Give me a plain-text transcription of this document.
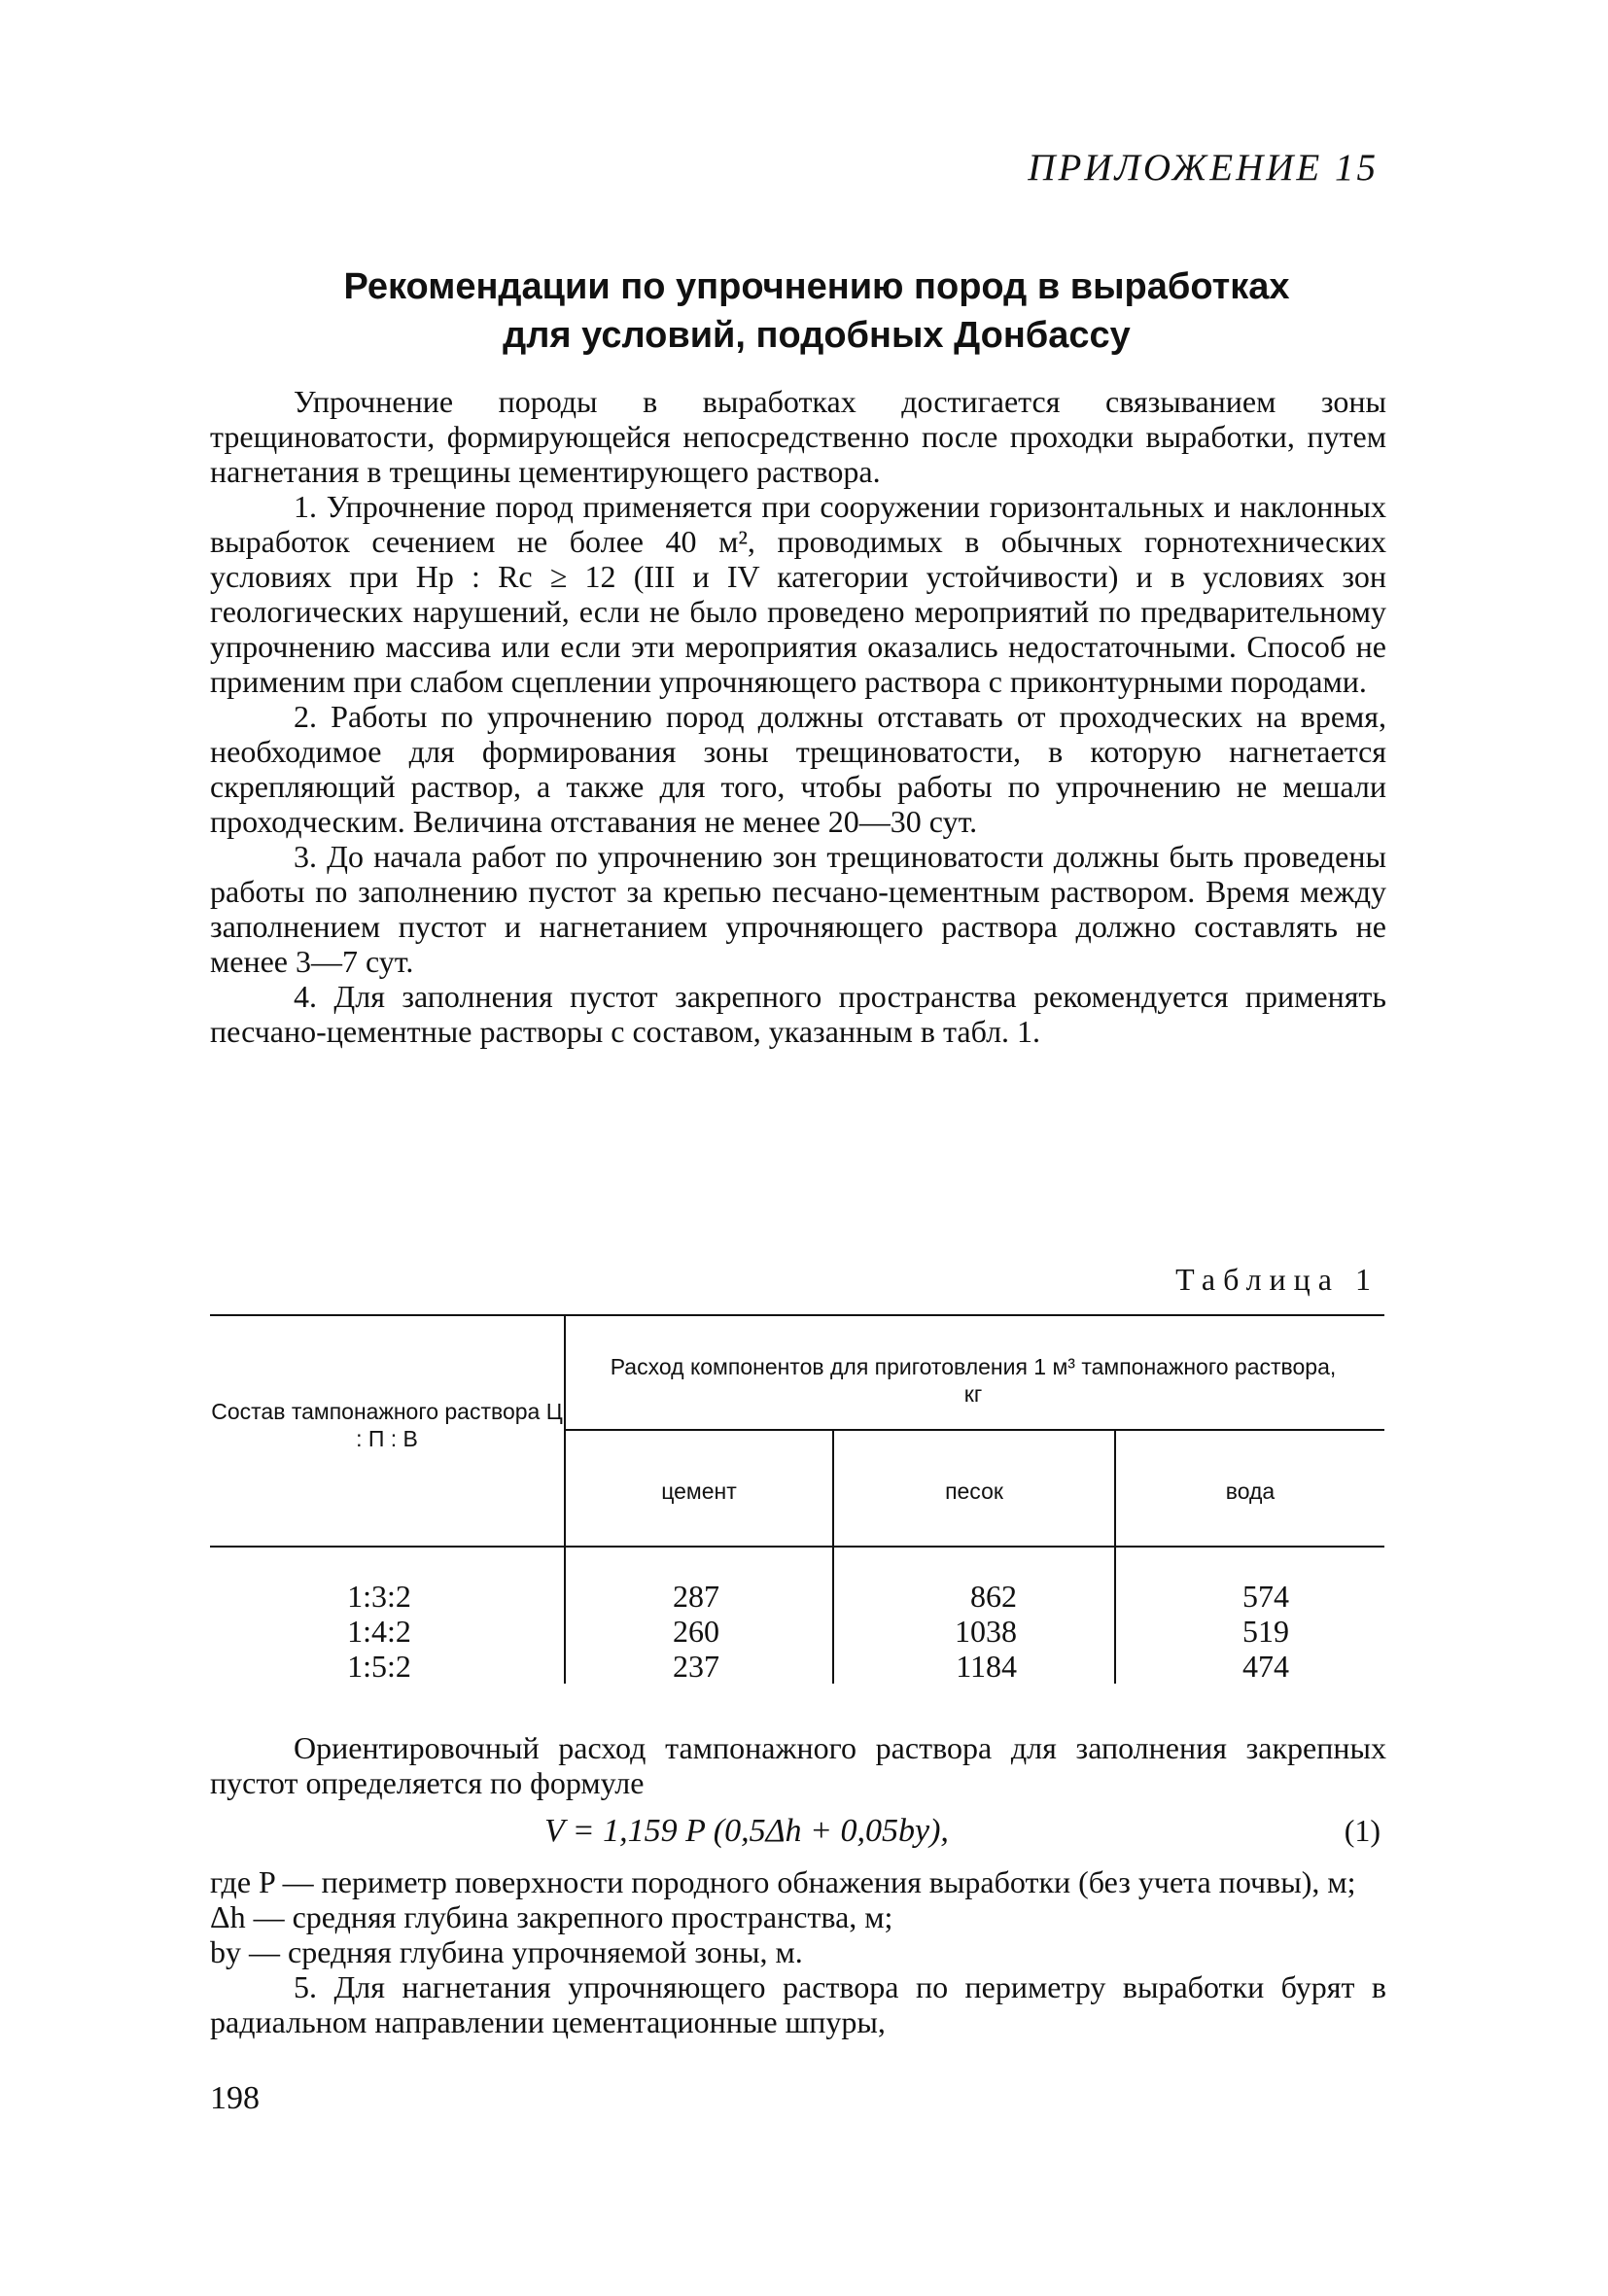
ПРИЛОЖЕНИЕ 15
Рекомендации по упрочнению пород в выработках
для условий, подобных Донбассу

Упрочнение породы в выработках достигается связыванием зоны трещиноватости, формирующейся непосредственно после проходки выработки, путем нагнетания в трещины цементирующего раствора.

1. Упрочнение пород применяется при сооружении горизонтальных и наклонных выработок сечением не более 40 м², проводимых в обычных горнотехнических условиях при Hр : Rс ≥ 12 (III и IV категории устойчивости) и в условиях зон геологических нарушений, если не было проведено мероприятий по предварительному упрочнению массива или если эти мероприятия оказались недостаточными. Способ не применим при слабом сцеплении упрочняющего раствора с приконтурными породами.

2. Работы по упрочнению пород должны отставать от проходческих на время, необходимое для формирования зоны трещиноватости, в которую нагнетается скрепляющий раствор, а также для того, чтобы работы по упрочнению не мешали проходческим. Величина отставания не менее 20—30 сут.

3. До начала работ по упрочнению зон трещиноватости должны быть проведены работы по заполнению пустот за крепью песчано-цементным раствором. Время между заполнением пустот и нагнетанием упрочняющего раствора должно составлять не менее 3—7 сут.

4. Для заполнения пустот закрепного пространства рекомендуется применять песчано-цементные растворы с составом, указанным в табл. 1.

Таблица 1
Состав тампонажного раствора Ц : П : В
Расход компонентов для приготовления 1 м³ тампонажного раствора, кг
цемент	песок	вода
1:3:2	287	862	574
1:4:2	260	1038	519
1:5:2	237	1184	474

Ориентировочный расход тампонажного раствора для заполнения закрепных пустот определяется по формуле

V = 1,159 P (0,5Δh + 0,05bу),	(1)

где P — периметр поверхности породного обнажения выработки (без учета почвы), м;

Δh — средняя глубина закрепного пространства, м;

bу — средняя глубина упрочняемой зоны, м.

5. Для нагнетания упрочняющего раствора по периметру выработки бурят в радиальном направлении цементационные шпуры,

198
